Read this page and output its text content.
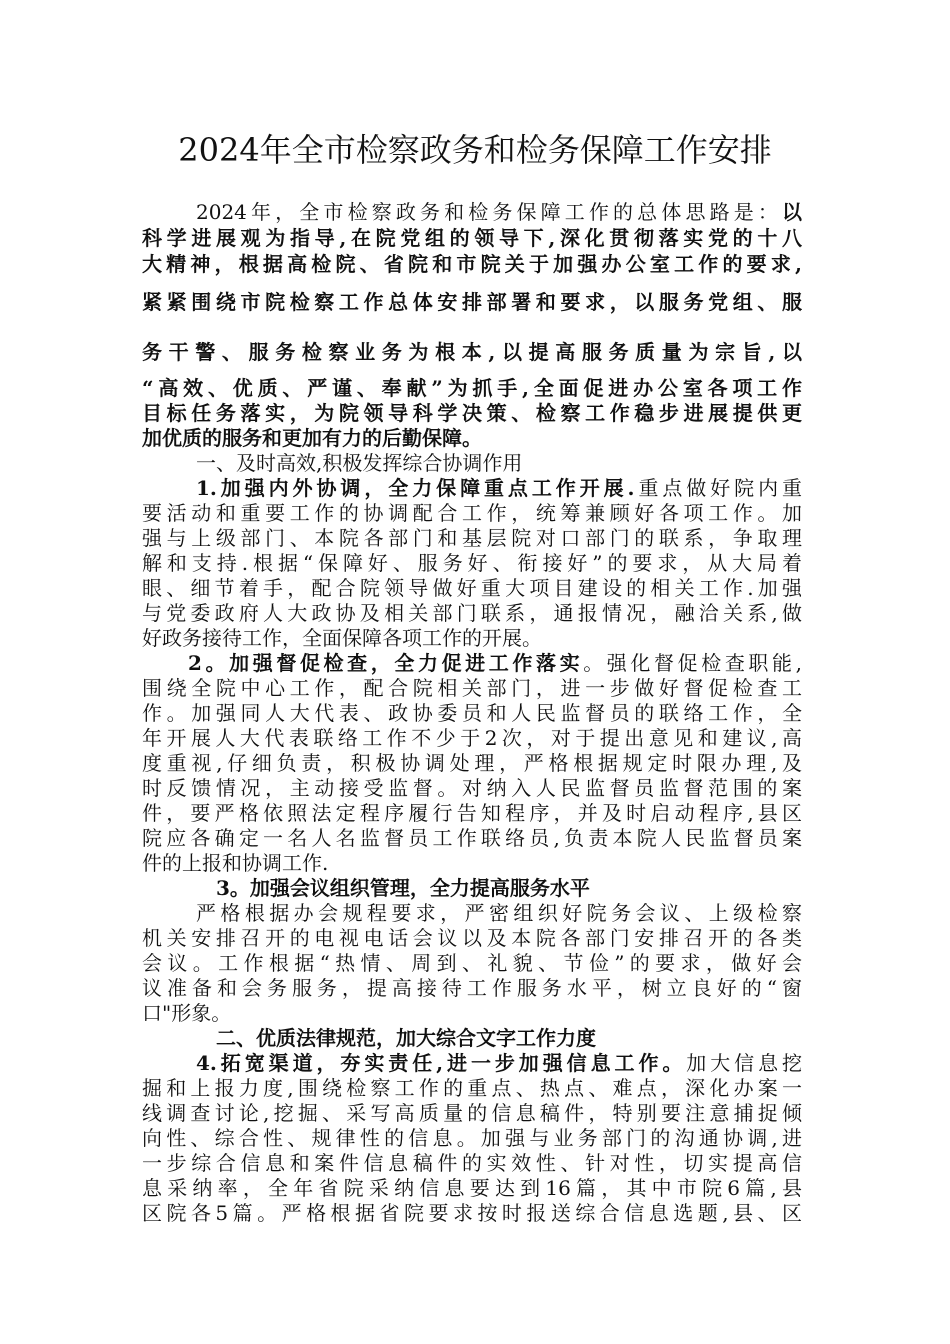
2024年全市检察政务和检务保障工作安排
2024年，全市检察政务和检务保障工作的总体思路是：以
科学进展观为指导,在院党组的领导下,深化贯彻落实党的十八
大精神，根据高检院、省院和市院关于加强办公室工作的要求,
紧紧围绕市院检察工作总体安排部署和要求，以服务党组、服
务干警、服务检察业务为根本,以提高服务质量为宗旨,以
“高效、优质、严谨、奉献”为抓手,全面促进办公室各项工作
目标任务落实，为院领导科学决策、检察工作稳步进展提供更
加优质的服务和更加有力的后勤保障。
一、及时高效,积极发挥综合协调作用
1.加强内外协调，全力保障重点工作开展.重点做好院内重
要活动和重要工作的协调配合工作，统筹兼顾好各项工作。加
强与上级部门、本院各部门和基层院对口部门的联系，争取理
解和支持.根据“保障好、服务好、衔接好”的要求，从大局着
眼、细节着手，配合院领导做好重大项目建设的相关工作.加强
与党委政府人大政协及相关部门联系，通报情况，融洽关系,做
好政务接待工作，全面保障各项工作的开展。
2。加强督促检查，全力促进工作落实。强化督促检查职能,
围绕全院中心工作，配合院相关部门，进一步做好督促检查工
作。加强同人大代表、政协委员和人民监督员的联络工作，全
年开展人大代表联络工作不少于2次，对于提出意见和建议,高
度重视,仔细负责，积极协调处理，严格根据规定时限办理,及
时反馈情况，主动接受监督。对纳入人民监督员监督范围的案
件，要严格依照法定程序履行告知程序，并及时启动程序,县区
院应各确定一名人名监督员工作联络员,负责本院人民监督员案
件的上报和协调工作.
3。加强会议组织管理，全力提高服务水平
严格根据办会规程要求，严密组织好院务会议、上级检察
机关安排召开的电视电话会议以及本院各部门安排召开的各类
会议。工作根据“热情、周到、礼貌、节俭”的要求，做好会
议准备和会务服务，提高接待工作服务水平，树立良好的“窗
口"形象。
二、优质法律规范，加大综合文字工作力度
4.拓宽渠道，夯实责任,进一步加强信息工作。加大信息挖
掘和上报力度,围绕检察工作的重点、热点、难点，深化办案一
线调查讨论,挖掘、采写高质量的信息稿件，特别要注意捕捉倾
向性、综合性、规律性的信息。加强与业务部门的沟通协调,进
一步综合信息和案件信息稿件的实效性、针对性，切实提高信
息采纳率，全年省院采纳信息要达到16篇，其中市院6篇,县
区院各5篇。严格根据省院要求按时报送综合信息选题,县、区
